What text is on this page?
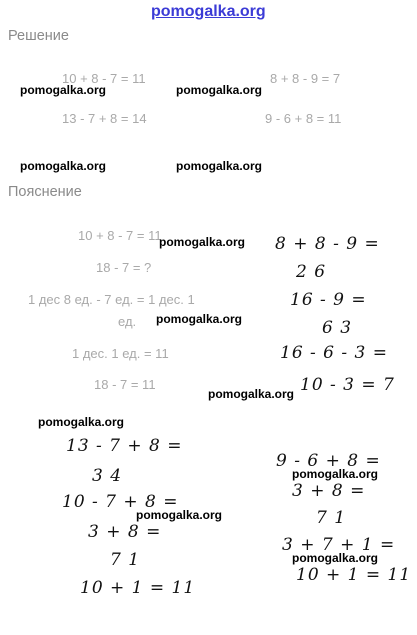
pomogalka.org
Решение
10 + 8 - 7 = 11	8 + 8 - 9 = 7
13 - 7 + 8 = 14	9 - 6 + 8 = 11
Пояснение
10 + 8 - 7 = 11
18 - 7 = ?
1 дес 8 ед. - 7 ед. = 1 дес. 1
ед.
1 дес. 1 ед. = 11
18 - 7 = 11
8 + 8 - 9 =
2 6
16 - 9 =
6 3
16 - 6 - 3 =
10 - 3 = 7
13 - 7 + 8 =
3 4
10 - 7 + 8 =
3 + 8 =
7 1
10 + 1 = 11
9 - 6 + 8 =
3 + 8 =
7 1
3 + 7 + 1 =
10 + 1 = 11
pomogalka.org	pomogalka.org
pomogalka.org	pomogalka.org
pomogalka.org
pomogalka.org
pomogalka.org
pomogalka.org
pomogalka.org
pomogalka.org
pomogalka.org
